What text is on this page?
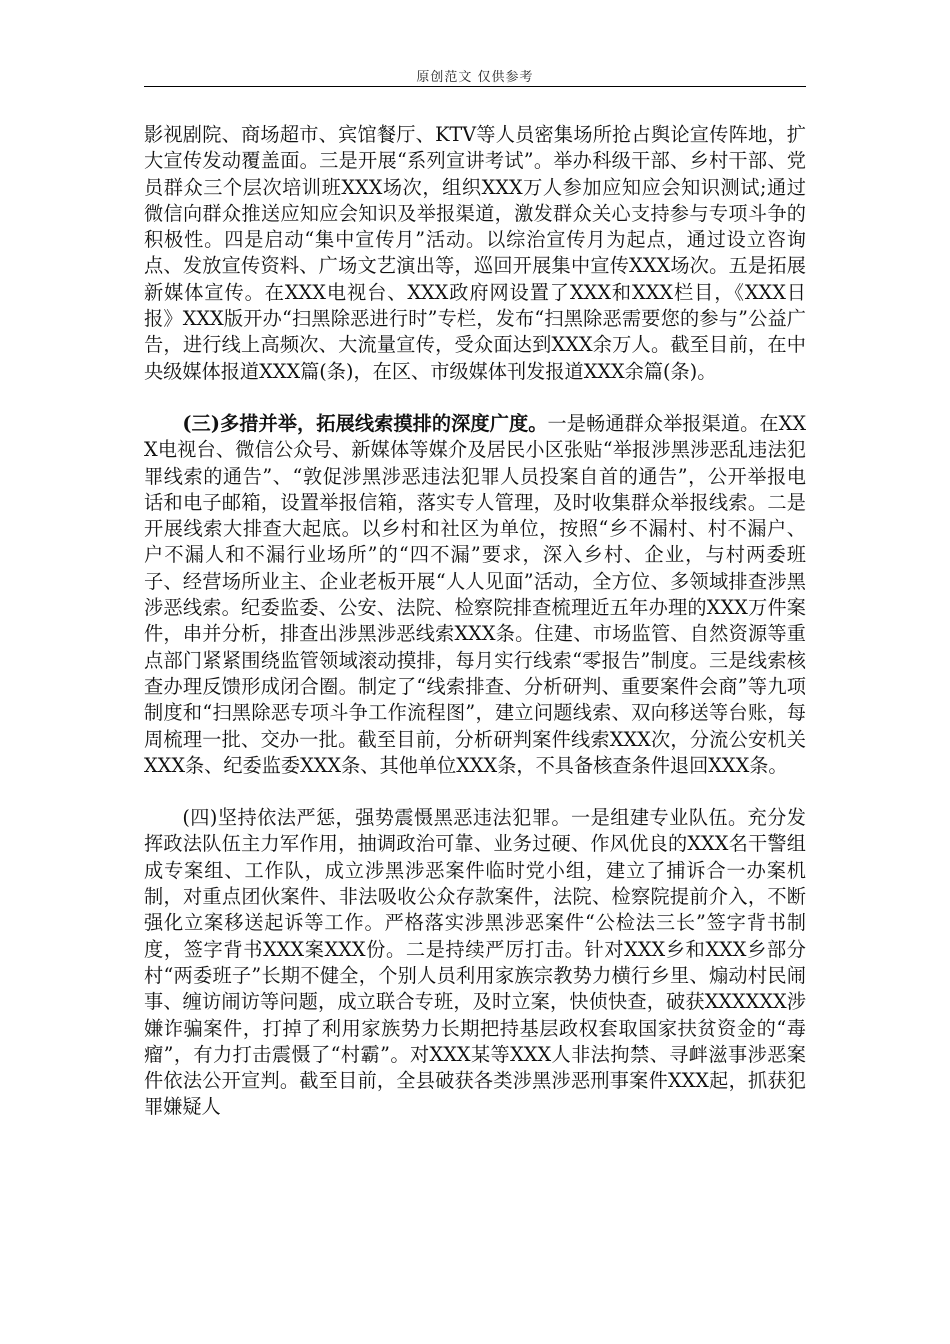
原创范文 仅供参考

影视剧院、商场超市、宾馆餐厅、KTV等人员密集场所抢占舆论宣传阵地，扩大宣传发动覆盖面。三是开展“系列宣讲考试”。举办科级干部、乡村干部、党员群众三个层次培训班XXX场次，组织XXX万人参加应知应会知识测试;通过微信向群众推送应知应会知识及举报渠道，激发群众关心支持参与专项斗争的积极性。四是启动“集中宣传月”活动。以综治宣传月为起点，通过设立咨询点、发放宣传资料、广场文艺演出等，巡回开展集中宣传XXX场次。五是拓展新媒体宣传。在XXX电视台、XXX政府网设置了XXX和XXX栏目，《XXX日报》XXX版开办“扫黑除恶进行时”专栏，发布“扫黑除恶需要您的参与”公益广告，进行线上高频次、大流量宣传，受众面达到XXX余万人。截至目前，在中央级媒体报道XXX篇(条)，在区、市级媒体刊发报道XXX余篇(条)。

(三)多措并举，拓展线索摸排的深度广度。一是畅通群众举报渠道。在XXX电视台、微信公众号、新媒体等媒介及居民小区张贴“举报涉黑涉恶乱违法犯罪线索的通告”、“敦促涉黑涉恶违法犯罪人员投案自首的通告”，公开举报电话和电子邮箱，设置举报信箱，落实专人管理，及时收集群众举报线索。二是开展线索大排查大起底。以乡村和社区为单位，按照“乡不漏村、村不漏户、户不漏人和不漏行业场所”的“四不漏”要求，深入乡村、企业，与村两委班子、经营场所业主、企业老板开展“人人见面”活动，全方位、多领域排查涉黑涉恶线索。纪委监委、公安、法院、检察院排查梳理近五年办理的XXX万件案件，串并分析，排查出涉黑涉恶线索XXX条。住建、市场监管、自然资源等重点部门紧紧围绕监管领域滚动摸排，每月实行线索“零报告”制度。三是线索核查办理反馈形成闭合圈。制定了“线索排查、分析研判、重要案件会商”等九项制度和“扫黑除恶专项斗争工作流程图”，建立问题线索、双向移送等台账，每周梳理一批、交办一批。截至目前，分析研判案件线索XXX次，分流公安机关XXX条、纪委监委XXX条、其他单位XXX条，不具备核查条件退回XXX条。

(四)坚持依法严惩，强势震慑黑恶违法犯罪。一是组建专业队伍。充分发挥政法队伍主力军作用，抽调政治可靠、业务过硬、作风优良的XXX名干警组成专案组、工作队，成立涉黑涉恶案件临时党小组，建立了捕诉合一办案机制，对重点团伙案件、非法吸收公众存款案件，法院、检察院提前介入，不断强化立案移送起诉等工作。严格落实涉黑涉恶案件“公检法三长”签字背书制度，签字背书XXX案XXX份。二是持续严厉打击。针对XXX乡和XXX乡部分村“两委班子”长期不健全，个别人员利用家族宗教势力横行乡里、煽动村民闹事、缠访闹访等问题，成立联合专班，及时立案，快侦快查，破获XXXXXX涉嫌诈骗案件，打掉了利用家族势力长期把持基层政权套取国家扶贫资金的“毒瘤”，有力打击震慑了“村霸”。对XXX某等XXX人非法拘禁、寻衅滋事涉恶案件依法公开宣判。截至目前，全县破获各类涉黑涉恶刑事案件XXX起，抓获犯罪嫌疑人
